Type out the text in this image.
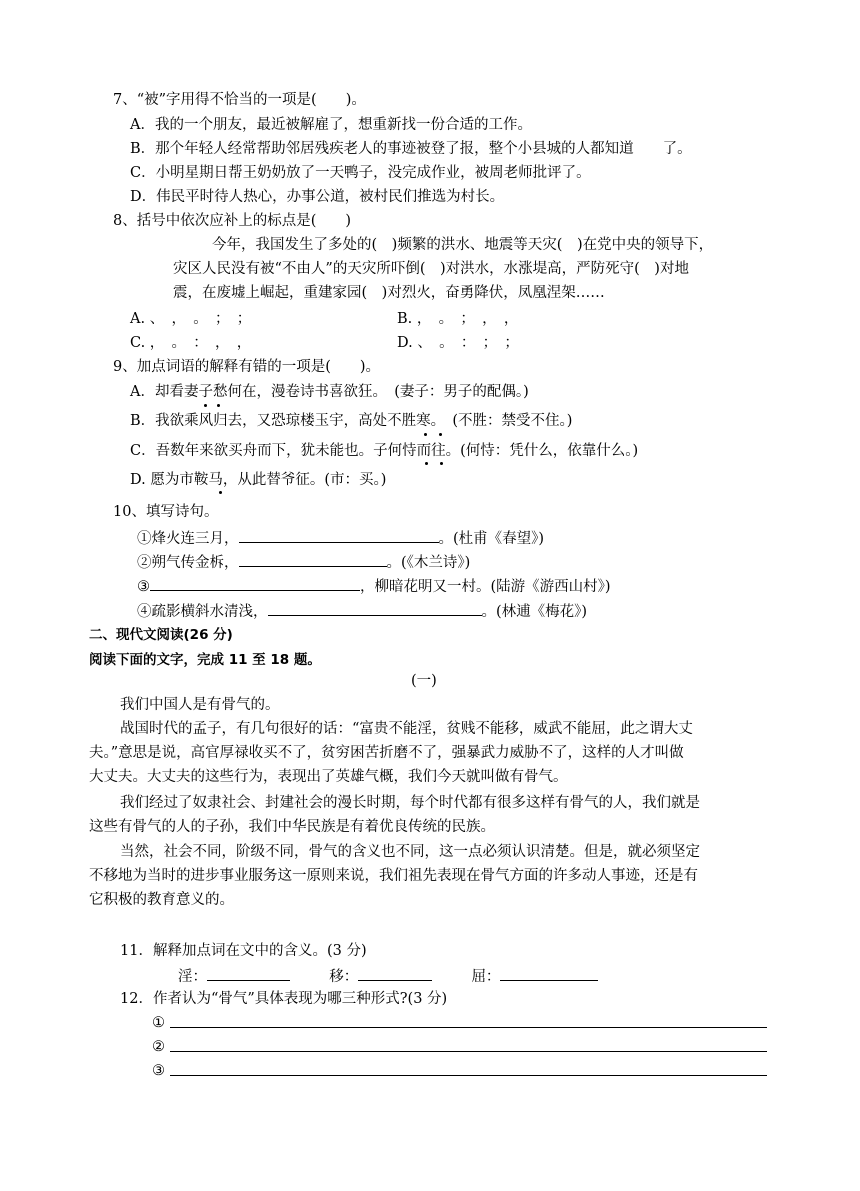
7、“被”字用得不恰当的一项是(　　)。
A．我的一个朋友，最近被解雇了，想重新找一份合适的工作。
B．那个年轻人经常帮助邻居残疾老人的事迹被登了报，整个小县城的人都知道　　了。
C．小明星期日帮王奶奶放了一天鸭子，没完成作业，被周老师批评了。
D．伟民平时待人热心，办事公道，被村民们推选为村长。
8、括号中依次应补上的标点是(　　)
今年，我国发生了多处的(　)频繁的洪水、地震等天灾(　)在党中央的领导下，
灾区人民没有被“不由人”的天灾所吓倒(　)对洪水，水涨堤高，严防死守(　)对地
震，在废墟上崛起，重建家园(　)对烈火，奋勇降伏，凤凰涅架……
A. 、　，　。　；　；	B. ，　。　；　，　，
C. ，　。　：　，　，	D. 、　。　：　；　；
9、加点词语的解释有错的一项是(　　)。
A．却看妻子愁何在，漫卷诗书喜欲狂。　(妻子：男子的配偶。)
B．我欲乘风归去，又恐琼楼玉宇，高处不胜寒。　(不胜：禁受不住。)
C．吾数年来欲买舟而下，犹未能也。子何恃而往。(何恃：凭什么，依靠什么。)
D. 愿为市鞍马，从此替爷征。(市：买。)
10、填写诗句。
①烽火连三月，	。(杜甫《春望》)
②朔气传金柝，	。(《木兰诗》)
③	，柳暗花明又一村。(陆游《游西山村》)
④疏影横斜水清浅，	。(林逋《梅花》)
二、现代文阅读(26 分)
阅读下面的文字，完成 11 至 18 题。
(一)
我们中国人是有骨气的。
战国时代的孟子，有几句很好的话：“富贵不能淫，贫贱不能移，威武不能屈，此之谓大丈
夫。”意思是说，高官厚禄收买不了，贫穷困苦折磨不了，强暴武力威胁不了，这样的人才叫做
大丈夫。大丈夫的这些行为，表现出了英雄气概，我们今天就叫做有骨气。
我们经过了奴隶社会、封建社会的漫长时期，每个时代都有很多这样有骨气的人，我们就是
这些有骨气的人的子孙，我们中华民族是有着优良传统的民族。
当然，社会不同，阶级不同，骨气的含义也不同，这一点必须认识清楚。但是，就必须坚定
不移地为当时的进步事业服务这一原则来说，我们祖先表现在骨气方面的许多动人事迹，还是有
它积极的教育意义的。
11．解释加点词在文中的含义。(3 分)
淫：	移：	屈：
12．作者认为“骨气”具体表现为哪三种形式?(3 分)
①
②
③
